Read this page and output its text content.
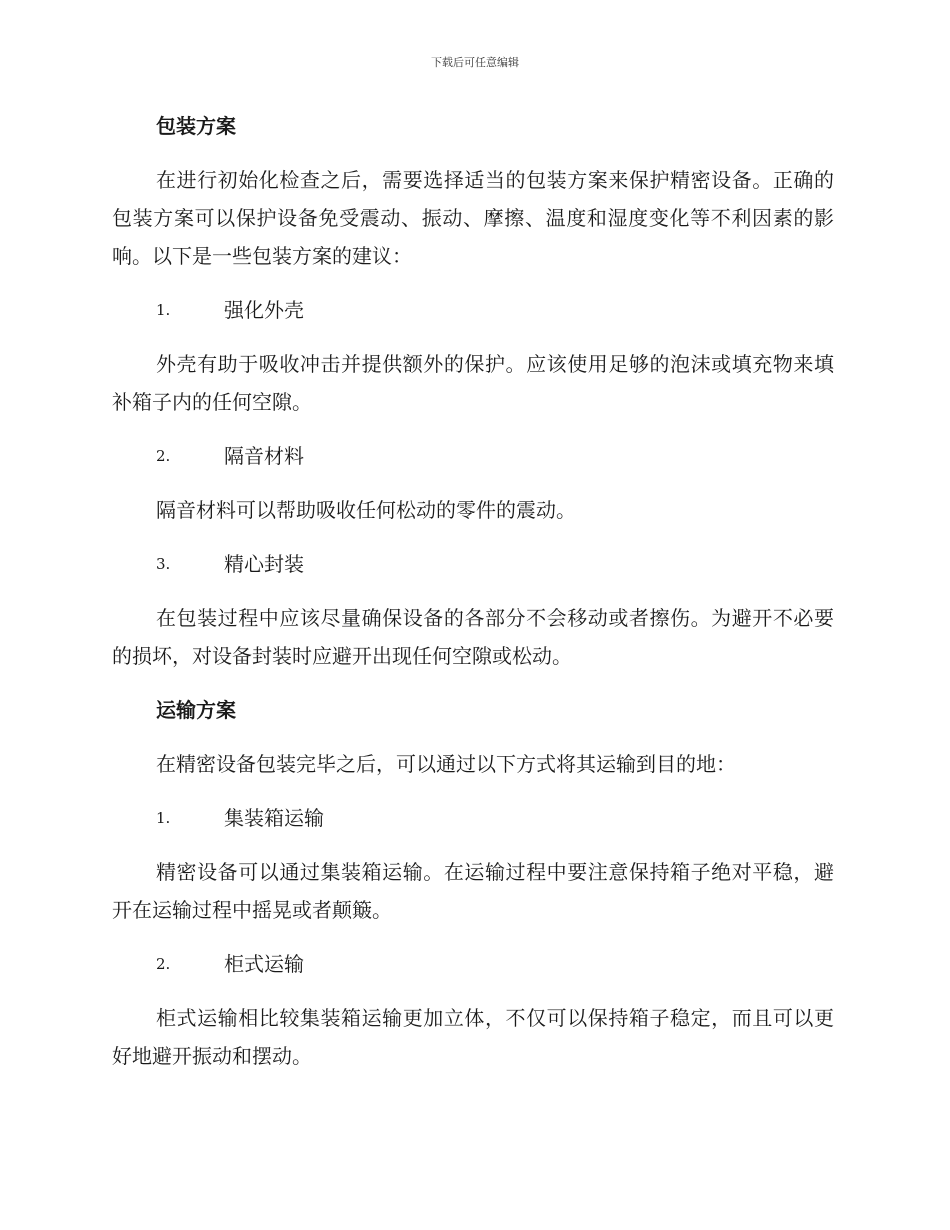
下载后可任意编辑
包装方案

在进行初始化检查之后，需要选择适当的包装方案来保护精密设备。正确的包装方案可以保护设备免受震动、振动、摩擦、温度和湿度变化等不利因素的影响。以下是一些包装方案的建议：

1.	强化外壳

外壳有助于吸收冲击并提供额外的保护。应该使用足够的泡沫或填充物来填补箱子内的任何空隙。

2.	隔音材料

隔音材料可以帮助吸收任何松动的零件的震动。

3.	精心封装

在包装过程中应该尽量确保设备的各部分不会移动或者擦伤。为避开不必要的损坏，对设备封装时应避开出现任何空隙或松动。

运输方案

在精密设备包装完毕之后，可以通过以下方式将其运输到目的地：

1.	集装箱运输

精密设备可以通过集装箱运输。在运输过程中要注意保持箱子绝对平稳，避开在运输过程中摇晃或者颠簸。

2.	柜式运输

柜式运输相比较集装箱运输更加立体，不仅可以保持箱子稳定，而且可以更好地避开振动和摆动。
